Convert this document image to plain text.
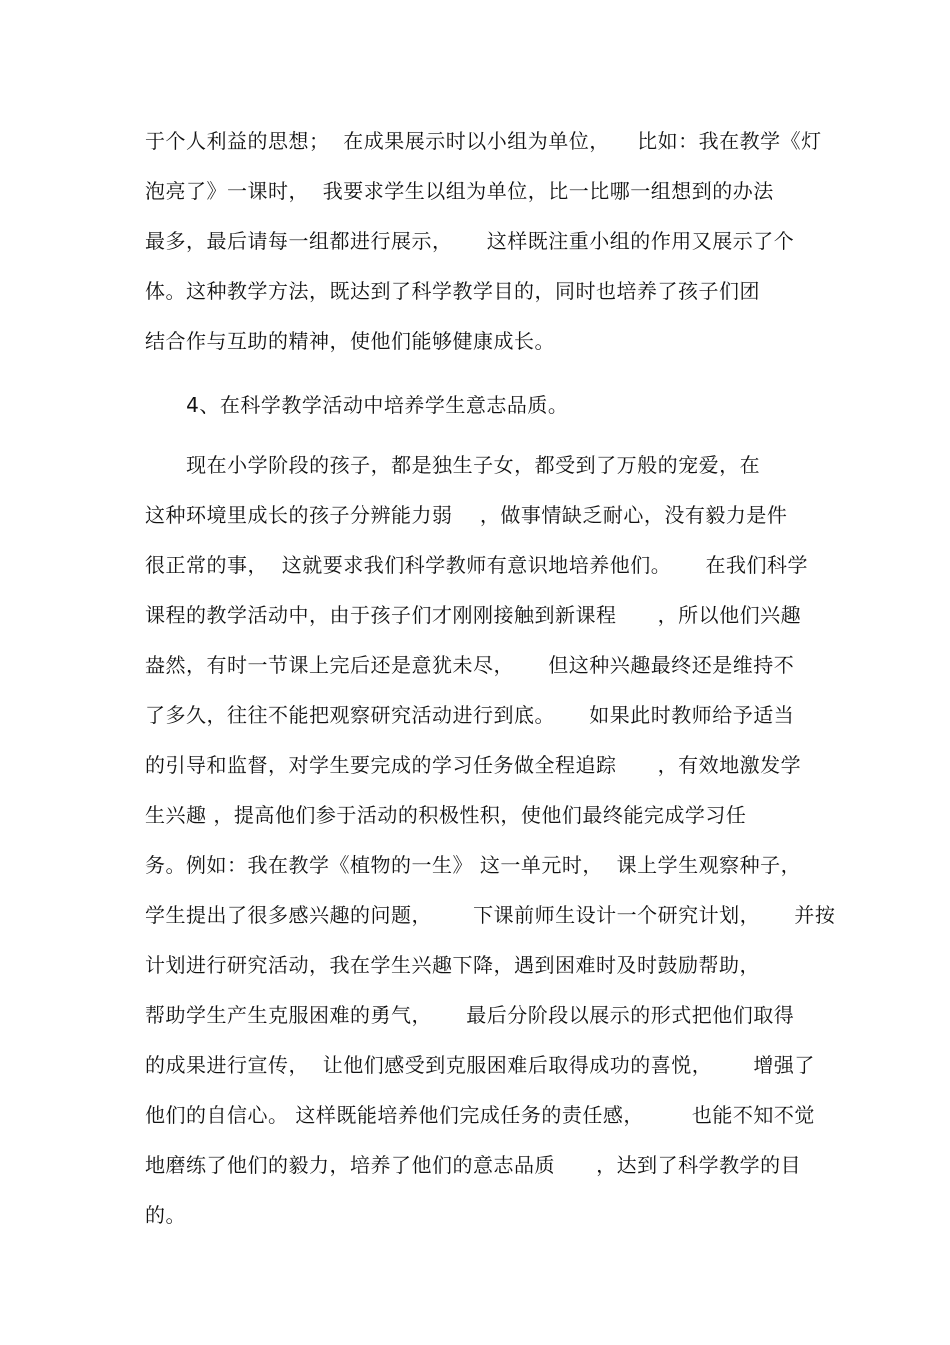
于个人利益的思想；  在成果展示时以小组为单位，    比如：我在教学《灯
泡亮了》一课时，  我要求学生以组为单位，比一比哪一组想到的办法
最多，最后请每一组都进行展示，     这样既注重小组的作用又展示了个
体。这种教学方法，既达到了科学教学目的，同时也培养了孩子们团
结合作与互助的精神，使他们能够健康成长。
4、在科学教学活动中培养学生意志品质。
现在小学阶段的孩子，都是独生子女，都受到了万般的宠爱，在
这种环境里成长的孩子分辨能力弱    ，做事情缺乏耐心，没有毅力是件
很正常的事，  这就要求我们科学教师有意识地培养他们。     在我们科学
课程的教学活动中，由于孩子们才刚刚接触到新课程      ，所以他们兴趣
盎然，有时一节课上完后还是意犹未尽，     但这种兴趣最终还是维持不
了多久，往往不能把观察研究活动进行到底。     如果此时教师给予适当
的引导和监督，对学生要完成的学习任务做全程追踪      ，有效地激发学
生兴趣 ，提高他们参于活动的积极性积，使他们最终能完成学习任
务。例如：我在教学《植物的一生》 这一单元时，  课上学生观察种子，
学生提出了很多感兴趣的问题，      下课前师生设计一个研究计划，     并按
计划进行研究活动，我在学生兴趣下降，遇到困难时及时鼓励帮助，
帮助学生产生克服困难的勇气，     最后分阶段以展示的形式把他们取得
的成果进行宣传，  让他们感受到克服困难后取得成功的喜悦，      增强了
他们的自信心。 这样既能培养他们完成任务的责任感，       也能不知不觉
地磨练了他们的毅力，培养了他们的意志品质      ，达到了科学教学的目
的。
